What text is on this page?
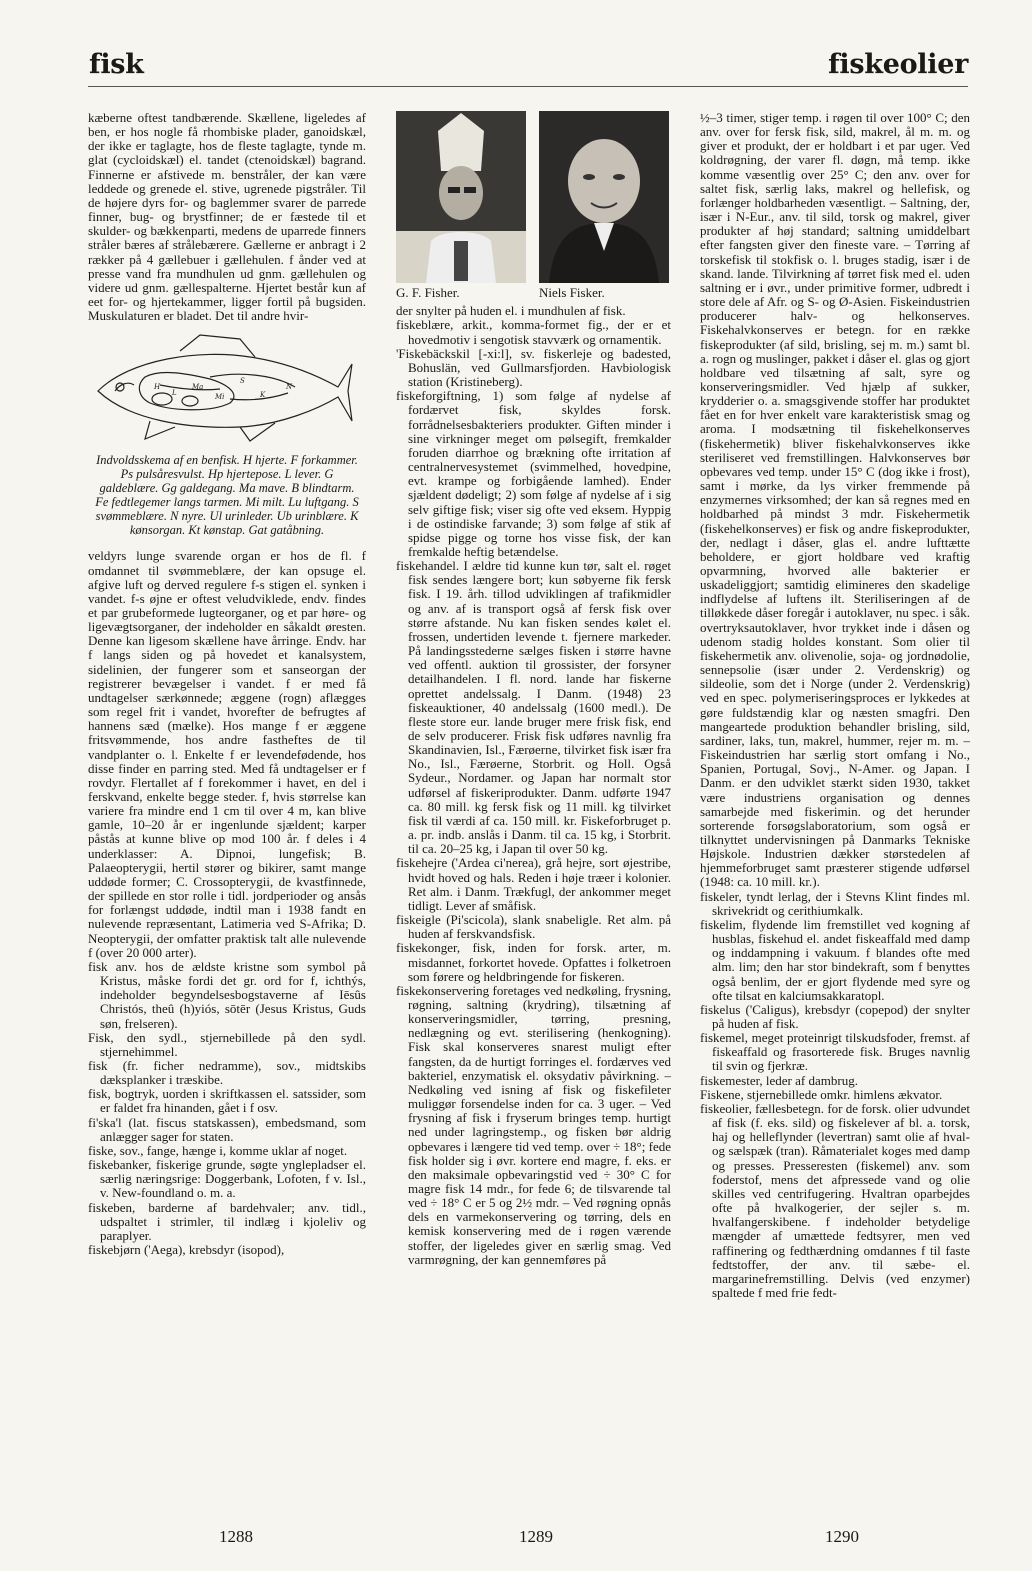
fisk	fiskeolier

kæberne oftest tandbærende. Skællene, ligeledes af ben, er hos nogle få rhombiske plader, ganoidskæl, der ikke er taglagte, hos de fleste taglagte, tynde m. glat (cycloidskæl) el. tandet (ctenoidskæl) bagrand. Finnerne er afstivede m. benstråler, der kan være leddede og grenede el. stive, ugrenede pigstråler. Til de højere dyrs for- og baglemmer svarer de parrede finner, bug- og brystfinner; de er fæstede til et skulder- og bækkenparti, medens de uparrede finners stråler bæres af strålebærere. Gællerne er anbragt i 2 rækker på 4 gællebuer i gællehulen. f ånder ved at presse vand fra mundhulen ud gnm. gællehulen og videre ud gnm. gællespalterne. Hjertet består kun af eet for- og hjertekammer, ligger fortil på bugsiden. Muskulaturen er bladet. Det til andre hvir-

H
L
Ma
Mi
S
K
N

Indvoldsskema af en benfisk. H hjerte. F forkammer. Ps pulsåresvulst. Hp hjertepose. L lever. G galdeblære. Gg galdegang. Ma mave. B blindtarm. Fe fedtlegemer langs tarmen. Mi milt. Lu luftgang. S svømmeblære. N nyre. Ul urinleder. Ub urinblære. K kønsorgan. Kt kønstap. Gat gatåbning.

veldyrs lunge svarende organ er hos de fl. f omdannet til svømmeblære, der kan opsuge el. afgive luft og derved regulere f-s stigen el. synken i vandet. f-s øjne er oftest veludviklede, endv. findes et par grubeformede lugteorganer, og et par høre- og ligevægtsorganer, der indeholder en såkaldt øresten. Denne kan ligesom skællene have årringe. Endv. har f langs siden og på hovedet et kanalsystem, sidelinien, der fungerer som et sanseorgan der registrerer bevægelser i vandet. f er med få undtagelser særkønnede; æggene (rogn) aflægges som regel frit i vandet, hvorefter de befrugtes af hannens sæd (mælke). Hos mange f er æggene fritsvømmende, hos andre fastheftes de til vandplanter o. l. Enkelte f er levendefødende, hos disse finder en parring sted. Med få undtagelser er f rovdyr. Flertallet af f forekommer i havet, en del i ferskvand, enkelte begge steder. f, hvis størrelse kan variere fra mindre end 1 cm til over 4 m, kan blive gamle, 10–20 år er ingenlunde sjældent; karper påstås at kunne blive op mod 100 år. f deles i 4 underklasser: A. Dipnoi, lungefisk; B. Palaeopterygii, hertil stører og bikirer, samt mange uddøde former; C. Crossopterygii, de kvastfinnede, der spillede en stor rolle i tidl. jordperioder og ansås for forlængst uddøde, indtil man i 1938 fandt en nulevende repræsentant, Latimeria ved S-Afrika; D. Neopterygii, der omfatter praktisk talt alle nulevende f (over 20 000 arter).

fisk anv. hos de ældste kristne som symbol på Kristus, måske fordi det gr. ord for f, ichthýs, indeholder begyndelsesbogstaverne af Iēsûs Christós, theû (h)yiós, sōtēr (Jesus Kristus, Guds søn, frelseren).

Fisk, den sydl., stjernebillede på den sydl. stjernehimmel.

fisk (fr. ficher nedramme), sov., midtskibs dæksplanker i træskibe.

fisk, bogtryk, uorden i skriftkassen el. satssider, som er faldet fra hinanden, gået i f osv.

fi'ska'l (lat. fiscus statskassen), embedsmand, som anlægger sager for staten.

fiske, sov., fange, hænge i, komme uklar af noget.

fiskebanker, fiskerige grunde, søgte ynglepladser el. særlig næringsrige: Doggerbank, Lofoten, f v. Isl., v. New-foundland o. m. a.

fiskeben, barderne af bardehvaler; anv. tidl., udspaltet i strimler, til indlæg i kjoleliv og paraplyer.

fiskebjørn ('Aega), krebsdyr (isopod),

G. F. Fisher.	Niels Fisker.

der snylter på huden el. i mundhulen af fisk.

fiskeblære, arkit., komma-formet fig., der er et hovedmotiv i sengotisk stavværk og ornamentik.

'Fiskebäckskil [-xi:l], sv. fiskerleje og badested, Bohuslän, ved Gullmarsfjorden. Havbiologisk station (Kristineberg).

fiskeforgiftning, 1) som følge af nydelse af fordærvet fisk, skyldes forsk. forrådnelsesbakteriers produkter. Giften minder i sine virkninger meget om pølsegift, fremkalder foruden diarrhoe og brækning ofte irritation af centralnervesystemet (svimmelhed, hovedpine, evt. krampe og forbigående lamhed). Ender sjældent dødeligt; 2) som følge af nydelse af i sig selv giftige fisk; viser sig ofte ved eksem. Hyppig i de ostindiske farvande; 3) som følge af stik af spidse pigge og torne hos visse fisk, der kan fremkalde heftig betændelse.

fiskehandel. I ældre tid kunne kun tør, salt el. røget fisk sendes længere bort; kun søbyerne fik fersk fisk. I 19. årh. tillod udviklingen af trafikmidler og anv. af is transport også af fersk fisk over større afstande. Nu kan fisken sendes kølet el. frossen, undertiden levende t. fjernere markeder. På landingsstederne sælges fisken i større havne ved offentl. auktion til grossister, der forsyner detailhandelen. I fl. nord. lande har fiskerne oprettet andelssalg. I Danm. (1948) 23 fiskeauktioner, 40 andelssalg (1600 medl.). De fleste store eur. lande bruger mere frisk fisk, end de selv producerer. Frisk fisk udføres navnlig fra Skandinavien, Isl., Færøerne, tilvirket fisk især fra No., Isl., Færøerne, Storbrit. og Holl. Også Sydeur., Nordamer. og Japan har normalt stor udførsel af fiskeriprodukter. Danm. udførte 1947 ca. 80 mill. kg fersk fisk og 11 mill. kg tilvirket fisk til værdi af ca. 150 mill. kr. Fiskeforbruget p. a. pr. indb. anslås i Danm. til ca. 15 kg, i Storbrit. til ca. 20–25 kg, i Japan til over 50 kg.

fiskehejre ('Ardea ci'nerea), grå hejre, sort øjestribe, hvidt hoved og hals. Reden i høje træer i kolonier. Ret alm. i Danm. Trækfugl, der ankommer meget tidligt. Lever af småfisk.

fiskeigle (Pi'scicola), slank snabeligle. Ret alm. på huden af ferskvandsfisk.

fiskekonger, fisk, inden for forsk. arter, m. misdannet, forkortet hovede. Opfattes i folketroen som førere og heldbringende for fiskeren.

fiskekonservering foretages ved nedkøling, frysning, røgning, saltning (krydring), tilsætning af konserveringsmidler, tørring, presning, nedlægning og evt. sterilisering (henkogning). Fisk skal konserveres snarest muligt efter fangsten, da de hurtigt forringes el. fordærves ved bakteriel, enzymatisk el. oksydativ påvirkning. – Nedkøling ved isning af fisk og fiskefileter muliggør forsendelse inden for ca. 3 uger. – Ved frysning af fisk i fryserum bringes temp. hurtigt ned under lagringstemp., og fisken bør aldrig opbevares i længere tid ved temp. over ÷ 18°; fede fisk holder sig i øvr. kortere end magre, f. eks. er den maksimale opbevaringstid ved ÷ 30° C for magre fisk 14 mdr., for fede 6; de tilsvarende tal ved ÷ 18° C er 5 og 2½ mdr. – Ved røgning opnås dels en varmekonservering og tørring, dels en kemisk konservering med de i røgen værende stoffer, der ligeledes giver en særlig smag. Ved varmrøgning, der kan gennemføres på

½–3 timer, stiger temp. i røgen til over 100° C; den anv. over for fersk fisk, sild, makrel, ål m. m. og giver et produkt, der er holdbart i et par uger. Ved koldrøgning, der varer fl. døgn, må temp. ikke komme væsentlig over 25° C; den anv. over for saltet fisk, særlig laks, makrel og hellefisk, og forlænger holdbarheden væsentligt. – Saltning, der, især i N-Eur., anv. til sild, torsk og makrel, giver produkter af høj standard; saltning umiddelbart efter fangsten giver den fineste vare. – Tørring af torskefisk til stokfisk o. l. bruges stadig, især i de skand. lande. Tilvirkning af tørret fisk med el. uden saltning er i øvr., under primitive former, udbredt i store dele af Afr. og S- og Ø-Asien. Fiskeindustrien producerer halv- og helkonserves. Fiskehalvkonserves er betegn. for en række fiskeprodukter (af sild, brisling, sej m. m.) samt bl. a. rogn og muslinger, pakket i dåser el. glas og gjort holdbare ved tilsætning af salt, syre og konserveringsmidler. Ved hjælp af sukker, krydderier o. a. smagsgivende stoffer har produktet fået en for hver enkelt vare karakteristisk smag og aroma. I modsætning til fiskehelkonserves (fiskehermetik) bliver fiskehalvkonserves ikke steriliseret ved fremstillingen. Halvkonserves bør opbevares ved temp. under 15° C (dog ikke i frost), samt i mørke, da lys virker fremmende på enzymernes virksomhed; der kan så regnes med en holdbarhed på mindst 3 mdr. Fiskehermetik (fiskehelkonserves) er fisk og andre fiskeprodukter, der, nedlagt i dåser, glas el. andre lufttætte beholdere, er gjort holdbare ved kraftig opvarmning, hvorved alle bakterier er uskadeliggjort; samtidig elimineres den skadelige indflydelse af luftens ilt. Steriliseringen af de tilløkkede dåser foregår i autoklaver, nu spec. i såk. overtryksautoklaver, hvor trykket inde i dåsen og udenom stadig holdes konstant. Som olier til fiskehermetik anv. olivenolie, soja- og jordnødolie, sennepsolie (især under 2. Verdenskrig) og sildeolie, som det i Norge (under 2. Verdenskrig) ved en spec. polymeriseringsproces er lykkedes at gøre fuldstændig klar og næsten smagfri. Den mangeartede produktion behandler brisling, sild, sardiner, laks, tun, makrel, hummer, rejer m. m. – Fiskeindustrien har særlig stort omfang i No., Spanien, Portugal, Sovj., N-Amer. og Japan. I Danm. er den udviklet stærkt siden 1930, takket være industriens organisation og dennes samarbejde med fiskerimin. og det herunder sorterende forsøgslaboratorium, som også er tilknyttet undervisningen på Danmarks Tekniske Højskole. Industrien dækker størstedelen af hjemmeforbruget samt præsterer stigende udførsel (1948: ca. 10 mill. kr.).

fiskeler, tyndt lerlag, der i Stevns Klint findes ml. skrivekridt og cerithiumkalk.

fiskelim, flydende lim fremstillet ved kogning af husblas, fiskehud el. andet fiskeaffald med damp og inddampning i vakuum. f blandes ofte med alm. lim; den har stor bindekraft, som f benyttes også benlim, der er gjort flydende med syre og ofte tilsat en kalciumsakkaratopl.

fiskelus ('Caligus), krebsdyr (copepod) der snylter på huden af fisk.

fiskemel, meget proteinrigt tilskudsfoder, fremst. af fiskeaffald og frasorterede fisk. Bruges navnlig til svin og fjerkræ.

fiskemester, leder af dambrug.

Fiskene, stjernebillede omkr. himlens ækvator.

fiskeolier, fællesbetegn. for de forsk. olier udvundet af fisk (f. eks. sild) og fiskelever af bl. a. torsk, haj og helleflynder (levertran) samt olie af hval- og sælspæk (tran). Råmaterialet koges med damp og presses. Presseresten (fiskemel) anv. som foderstof, mens det afpressede vand og olie skilles ved centrifugering. Hvaltran oparbejdes ofte på hvalkogerier, der sejler s. m. hvalfangerskibene. f indeholder betydelige mængder af umættede fedtsyrer, men ved raffinering og fedthærdning omdannes f til faste fedtstoffer, der anv. til sæbe- el. margarinefremstilling. Delvis (ved enzymer) spaltede f med frie fedt-

1288	1289	1290
